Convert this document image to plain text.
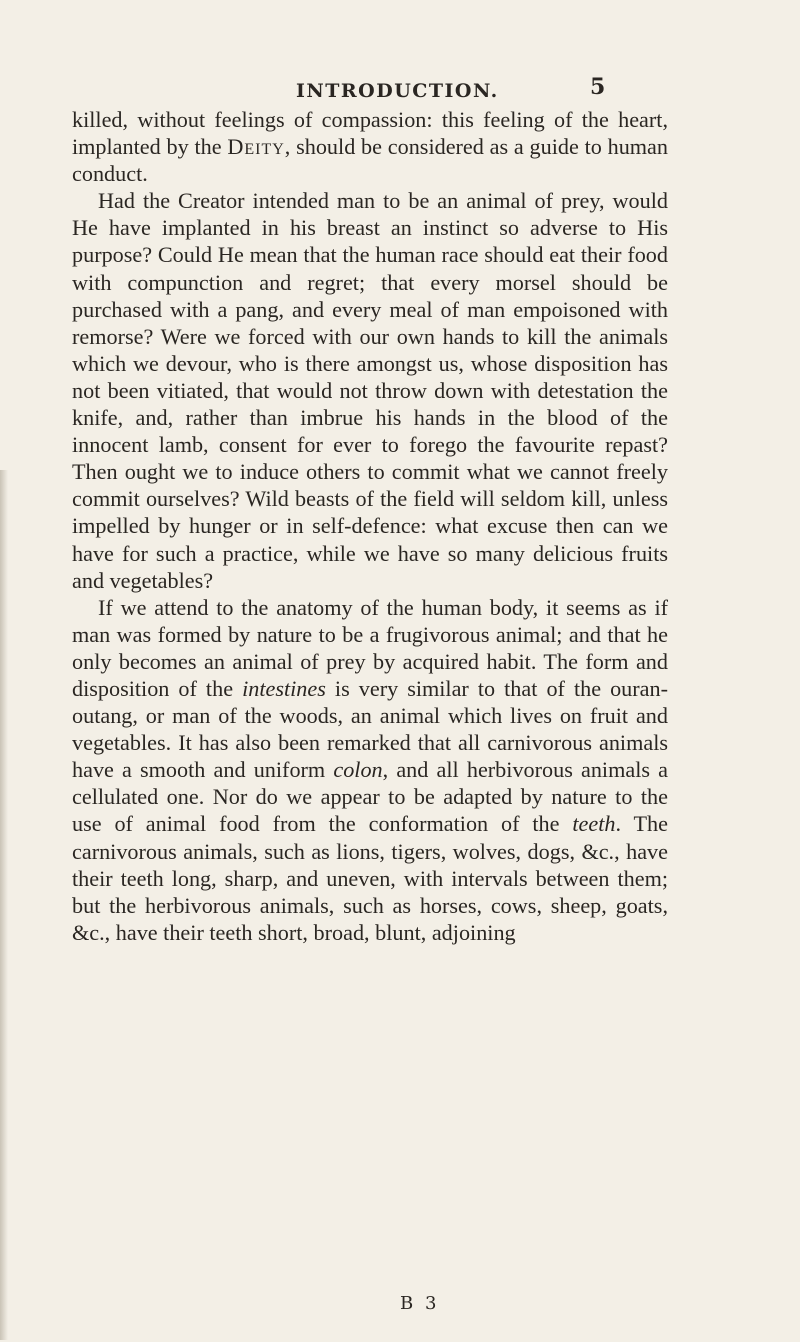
INTRODUCTION.	5

killed, without feelings of compassion: this feeling of the heart, implanted by the Deity, should be considered as a guide to human conduct.

Had the Creator intended man to be an animal of prey, would He have implanted in his breast an instinct so adverse to His purpose? Could He mean that the human race should eat their food with compunction and regret; that every morsel should be purchased with a pang, and every meal of man empoisoned with remorse? Were we forced with our own hands to kill the animals which we devour, who is there amongst us, whose disposition has not been vitiated, that would not throw down with detestation the knife, and, rather than imbrue his hands in the blood of the innocent lamb, consent for ever to forego the favourite repast? Then ought we to induce others to commit what we cannot freely commit ourselves? Wild beasts of the field will seldom kill, unless impelled by hunger or in self-defence: what excuse then can we have for such a practice, while we have so many delicious fruits and vegetables?

If we attend to the anatomy of the human body, it seems as if man was formed by nature to be a frugivorous animal; and that he only becomes an animal of prey by acquired habit. The form and disposition of the intestines is very similar to that of the ouran-outang, or man of the woods, an animal which lives on fruit and vegetables. It has also been remarked that all carnivorous animals have a smooth and uniform colon, and all herbivorous animals a cellulated one. Nor do we appear to be adapted by nature to the use of animal food from the conformation of the teeth. The carnivorous animals, such as lions, tigers, wolves, dogs, &c., have their teeth long, sharp, and uneven, with intervals between them; but the herbivorous animals, such as horses, cows, sheep, goats, &c., have their teeth short, broad, blunt, adjoining

B 3
